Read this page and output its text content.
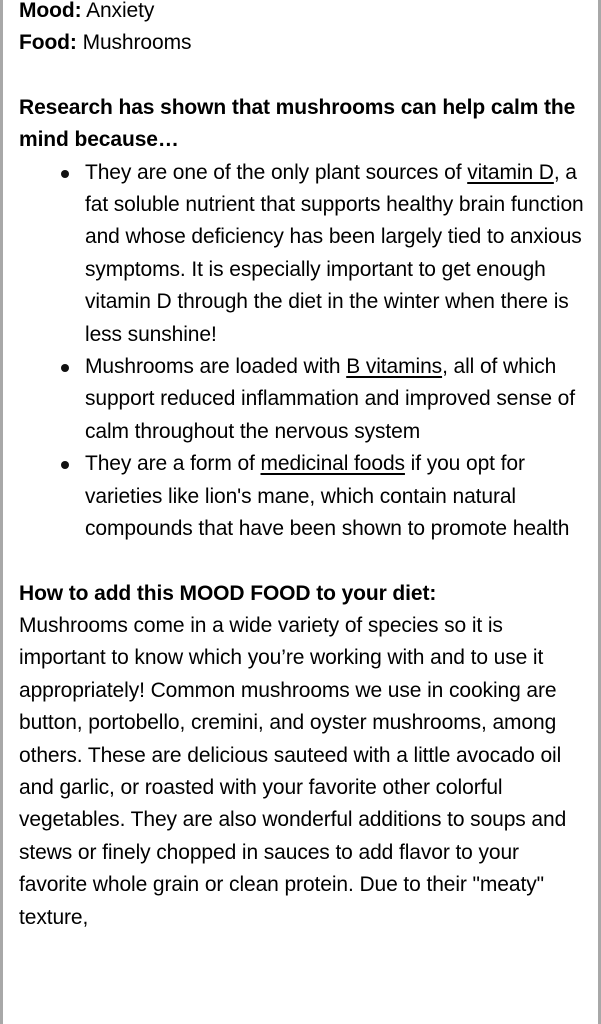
Mood: Anxiety

Food: Mushrooms

Research has shown that mushrooms can help calm the mind because…

They are one of the only plant sources of vitamin D, a fat soluble nutrient that supports healthy brain function and whose deficiency has been largely tied to anxious symptoms. It is especially important to get enough vitamin D through the diet in the winter when there is less sunshine!
Mushrooms are loaded with B vitamins, all of which support reduced inflammation and improved sense of calm throughout the nervous system
They are a form of medicinal foods if you opt for varieties like lion's mane, which contain natural compounds that have been shown to promote health

How to add this MOOD FOOD to your diet:

Mushrooms come in a wide variety of species so it is important to know which you’re working with and to use it appropriately! Common mushrooms we use in cooking are button, portobello, cremini, and oyster mushrooms, among others. These are delicious sauteed with a little avocado oil and garlic, or roasted with your favorite other colorful vegetables. They are also wonderful additions to soups and stews or finely chopped in sauces to add flavor to your favorite whole grain or clean protein. Due to their "meaty" texture,
